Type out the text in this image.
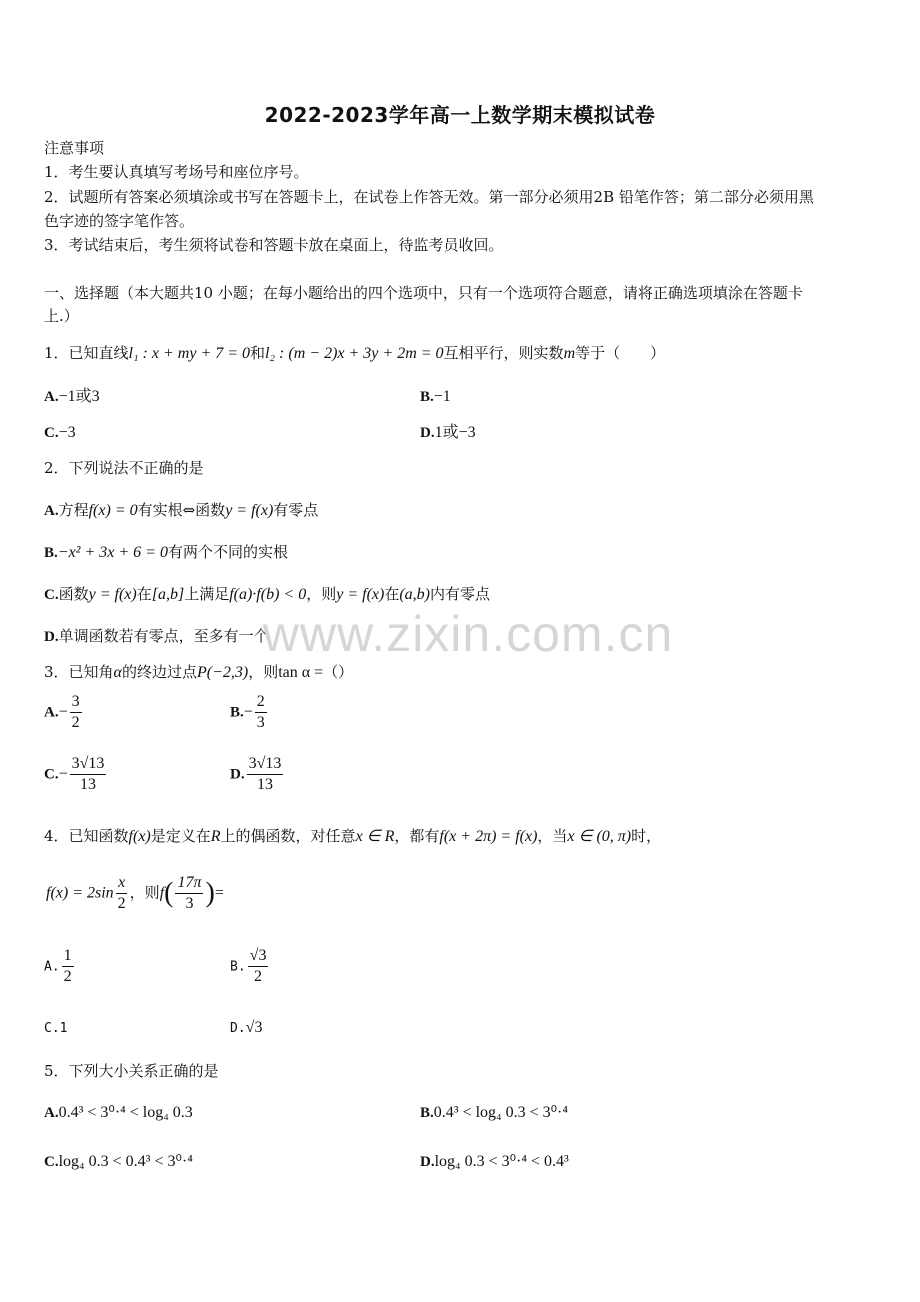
2022-2023学年高一上数学期末模拟试卷
注意事项
1．考生要认真填写考场号和座位序号。
2．试题所有答案必须填涂或书写在答题卡上，在试卷上作答无效。第一部分必须用2B 铅笔作答；第二部分必须用黑
色字迹的签字笔作答。
3．考试结束后，考生须将试卷和答题卡放在桌面上，待监考员收回。
一、选择题（本大题共10 小题；在每小题给出的四个选项中，只有一个选项符合题意，请将正确选项填涂在答题卡
上.）
1．已知直线l₁ : x + my + 7 = 0和l₂ : (m − 2)x + 3y + 2m = 0互相平行，则实数m等于（　　）
A.−1或3	B.−1
C.−3	D.1或−3
2．下列说法不正确的是
A.方程f(x) = 0有实根⇔函数y = f(x)有零点
B.−x² + 3x + 6 = 0有两个不同的实根
C.函数y = f(x)在[a,b]上满足f(a)·f(b) < 0，则y = f(x)在(a,b)内有零点
D.单调函数若有零点，至多有一个
www.zixin.com.cn
3．已知角α的终边过点P(−2,3)，则tan α =（）
$A.- \frac{3}{2}$	$B.- \frac{2}{3}$
$C.- \frac{3√13}{13}$	D. $\frac{3√13}{13}$
4．已知函数f(x)是定义在R上的偶函数，对任意x ∈ R，都有f(x + 2π) = f(x)，当x ∈ (0, π)时，
$f(x) = 2\sin \frac{x}{2}$ ，则$f( \frac{17\pi}{3}$ )=
A. $\frac{1}{2}$	B. $\frac{√3}{2}$
C.1	D.√3
5．下列大小关系正确的是
A.0.4³ < 3⁰·⁴ < log₄ 0.3	B.0.4³ < log₄ 0.3 < 3⁰·⁴
C.log₄ 0.3 < 0.4³ < 3⁰·⁴	D.log₄ 0.3 < 3⁰·⁴ < 0.4³
